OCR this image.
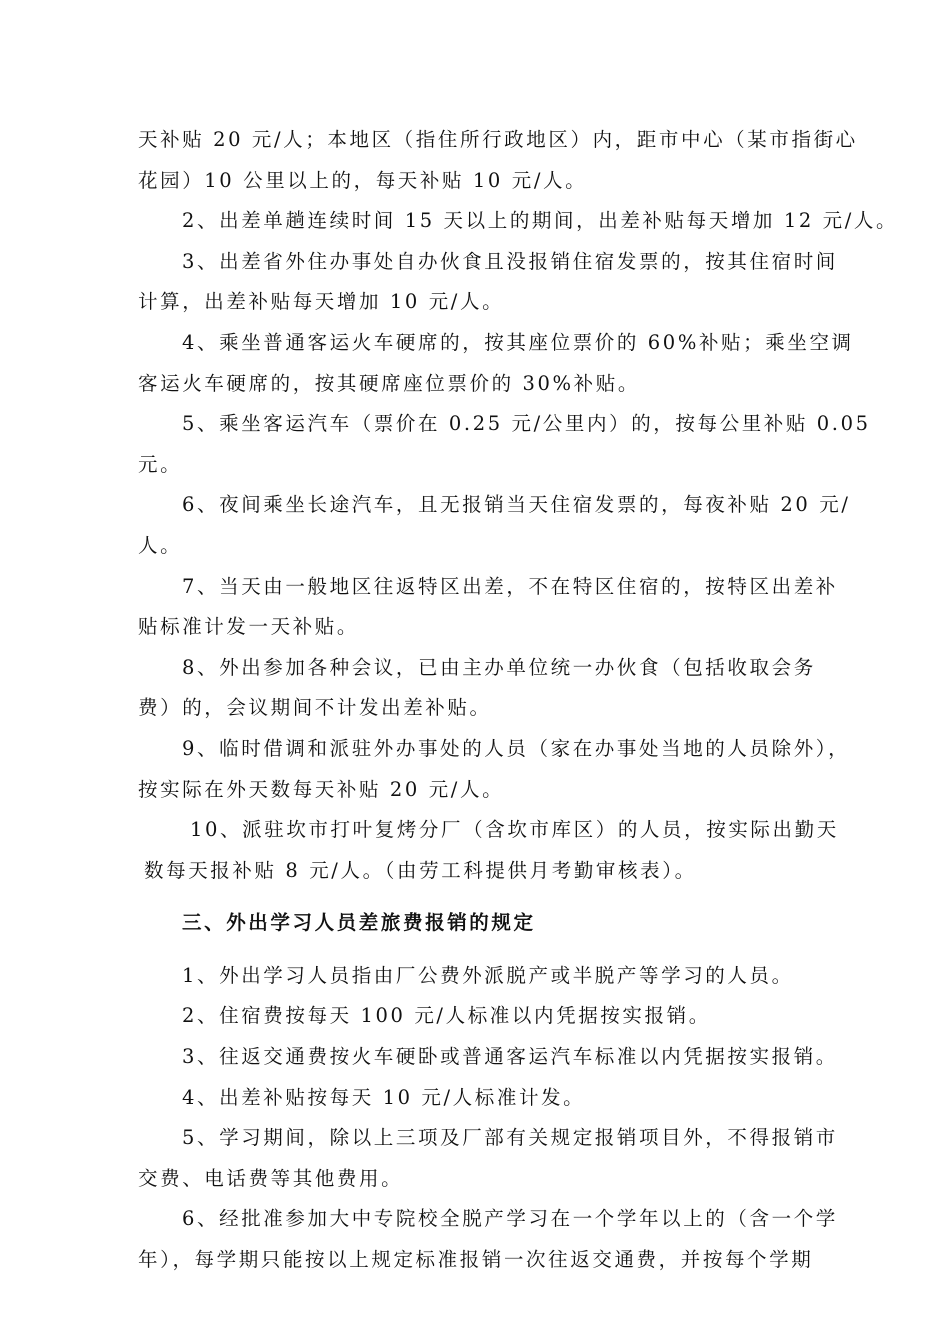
天补贴 20 元/人；本地区（指住所行政地区）内，距市中心（某市指街心

花园）10 公里以上的，每天补贴 10 元/人。

2、出差单趟连续时间 15 天以上的期间，出差补贴每天增加 12 元/人。

3、出差省外住办事处自办伙食且没报销住宿发票的，按其住宿时间

计算，出差补贴每天增加 10 元/人。

4、乘坐普通客运火车硬席的，按其座位票价的 60%补贴；乘坐空调

客运火车硬席的，按其硬席座位票价的 30%补贴。

5、乘坐客运汽车（票价在 0.25 元/公里内）的，按每公里补贴 0.05

元。

6、夜间乘坐长途汽车，且无报销当天住宿发票的，每夜补贴 20 元/

人。

7、当天由一般地区往返特区出差，不在特区住宿的，按特区出差补

贴标准计发一天补贴。

8、外出参加各种会议，已由主办单位统一办伙食（包括收取会务

费）的，会议期间不计发出差补贴。

9、临时借调和派驻外办事处的人员（家在办事处当地的人员除外），

按实际在外天数每天补贴 20 元/人。

10、派驻坎市打叶复烤分厂（含坎市库区）的人员，按实际出勤天

数每天报补贴 8 元/人。（由劳工科提供月考勤审核表）。

三、外出学习人员差旅费报销的规定

1、外出学习人员指由厂公费外派脱产或半脱产等学习的人员。

2、住宿费按每天 100 元/人标准以内凭据按实报销。

3、往返交通费按火车硬卧或普通客运汽车标准以内凭据按实报销。

4、出差补贴按每天 10 元/人标准计发。

5、学习期间，除以上三项及厂部有关规定报销项目外，不得报销市

交费、电话费等其他费用。

6、经批准参加大中专院校全脱产学习在一个学年以上的（含一个学

年），每学期只能按以上规定标准报销一次往返交通费，并按每个学期
